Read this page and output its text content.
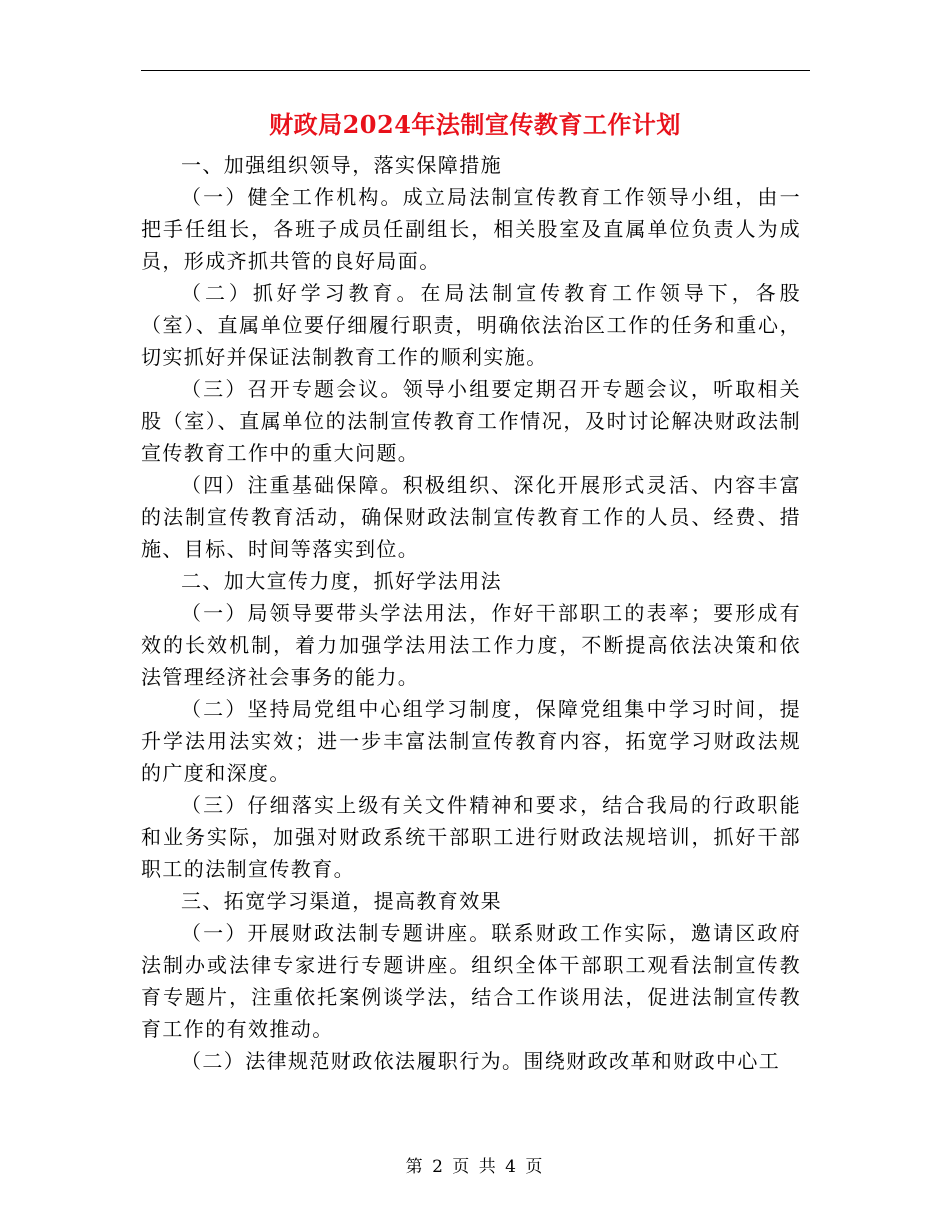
财政局2024年法制宣传教育工作计划

一、加强组织领导，落实保障措施

（一）健全工作机构。成立局法制宣传教育工作领导小组，由一把手任组长，各班子成员任副组长，相关股室及直属单位负责人为成员，形成齐抓共管的良好局面。

（二）抓好学习教育。在局法制宣传教育工作领导下，各股（室）、直属单位要仔细履行职责，明确依法治区工作的任务和重心，切实抓好并保证法制教育工作的顺利实施。

（三）召开专题会议。领导小组要定期召开专题会议，听取相关股（室）、直属单位的法制宣传教育工作情况，及时讨论解决财政法制宣传教育工作中的重大问题。

（四）注重基础保障。积极组织、深化开展形式灵活、内容丰富的法制宣传教育活动，确保财政法制宣传教育工作的人员、经费、措施、目标、时间等落实到位。

二、加大宣传力度，抓好学法用法

（一）局领导要带头学法用法，作好干部职工的表率；要形成有效的长效机制，着力加强学法用法工作力度，不断提高依法决策和依法管理经济社会事务的能力。

（二）坚持局党组中心组学习制度，保障党组集中学习时间，提升学法用法实效；进一步丰富法制宣传教育内容，拓宽学习财政法规的广度和深度。

（三）仔细落实上级有关文件精神和要求，结合我局的行政职能和业务实际，加强对财政系统干部职工进行财政法规培训，抓好干部职工的法制宣传教育。

三、拓宽学习渠道，提高教育效果

（一）开展财政法制专题讲座。联系财政工作实际，邀请区政府法制办或法律专家进行专题讲座。组织全体干部职工观看法制宣传教育专题片，注重依托案例谈学法，结合工作谈用法，促进法制宣传教育工作的有效推动。

（二）法律规范财政依法履职行为。围绕财政改革和财政中心工

第 2 页 共 4 页
